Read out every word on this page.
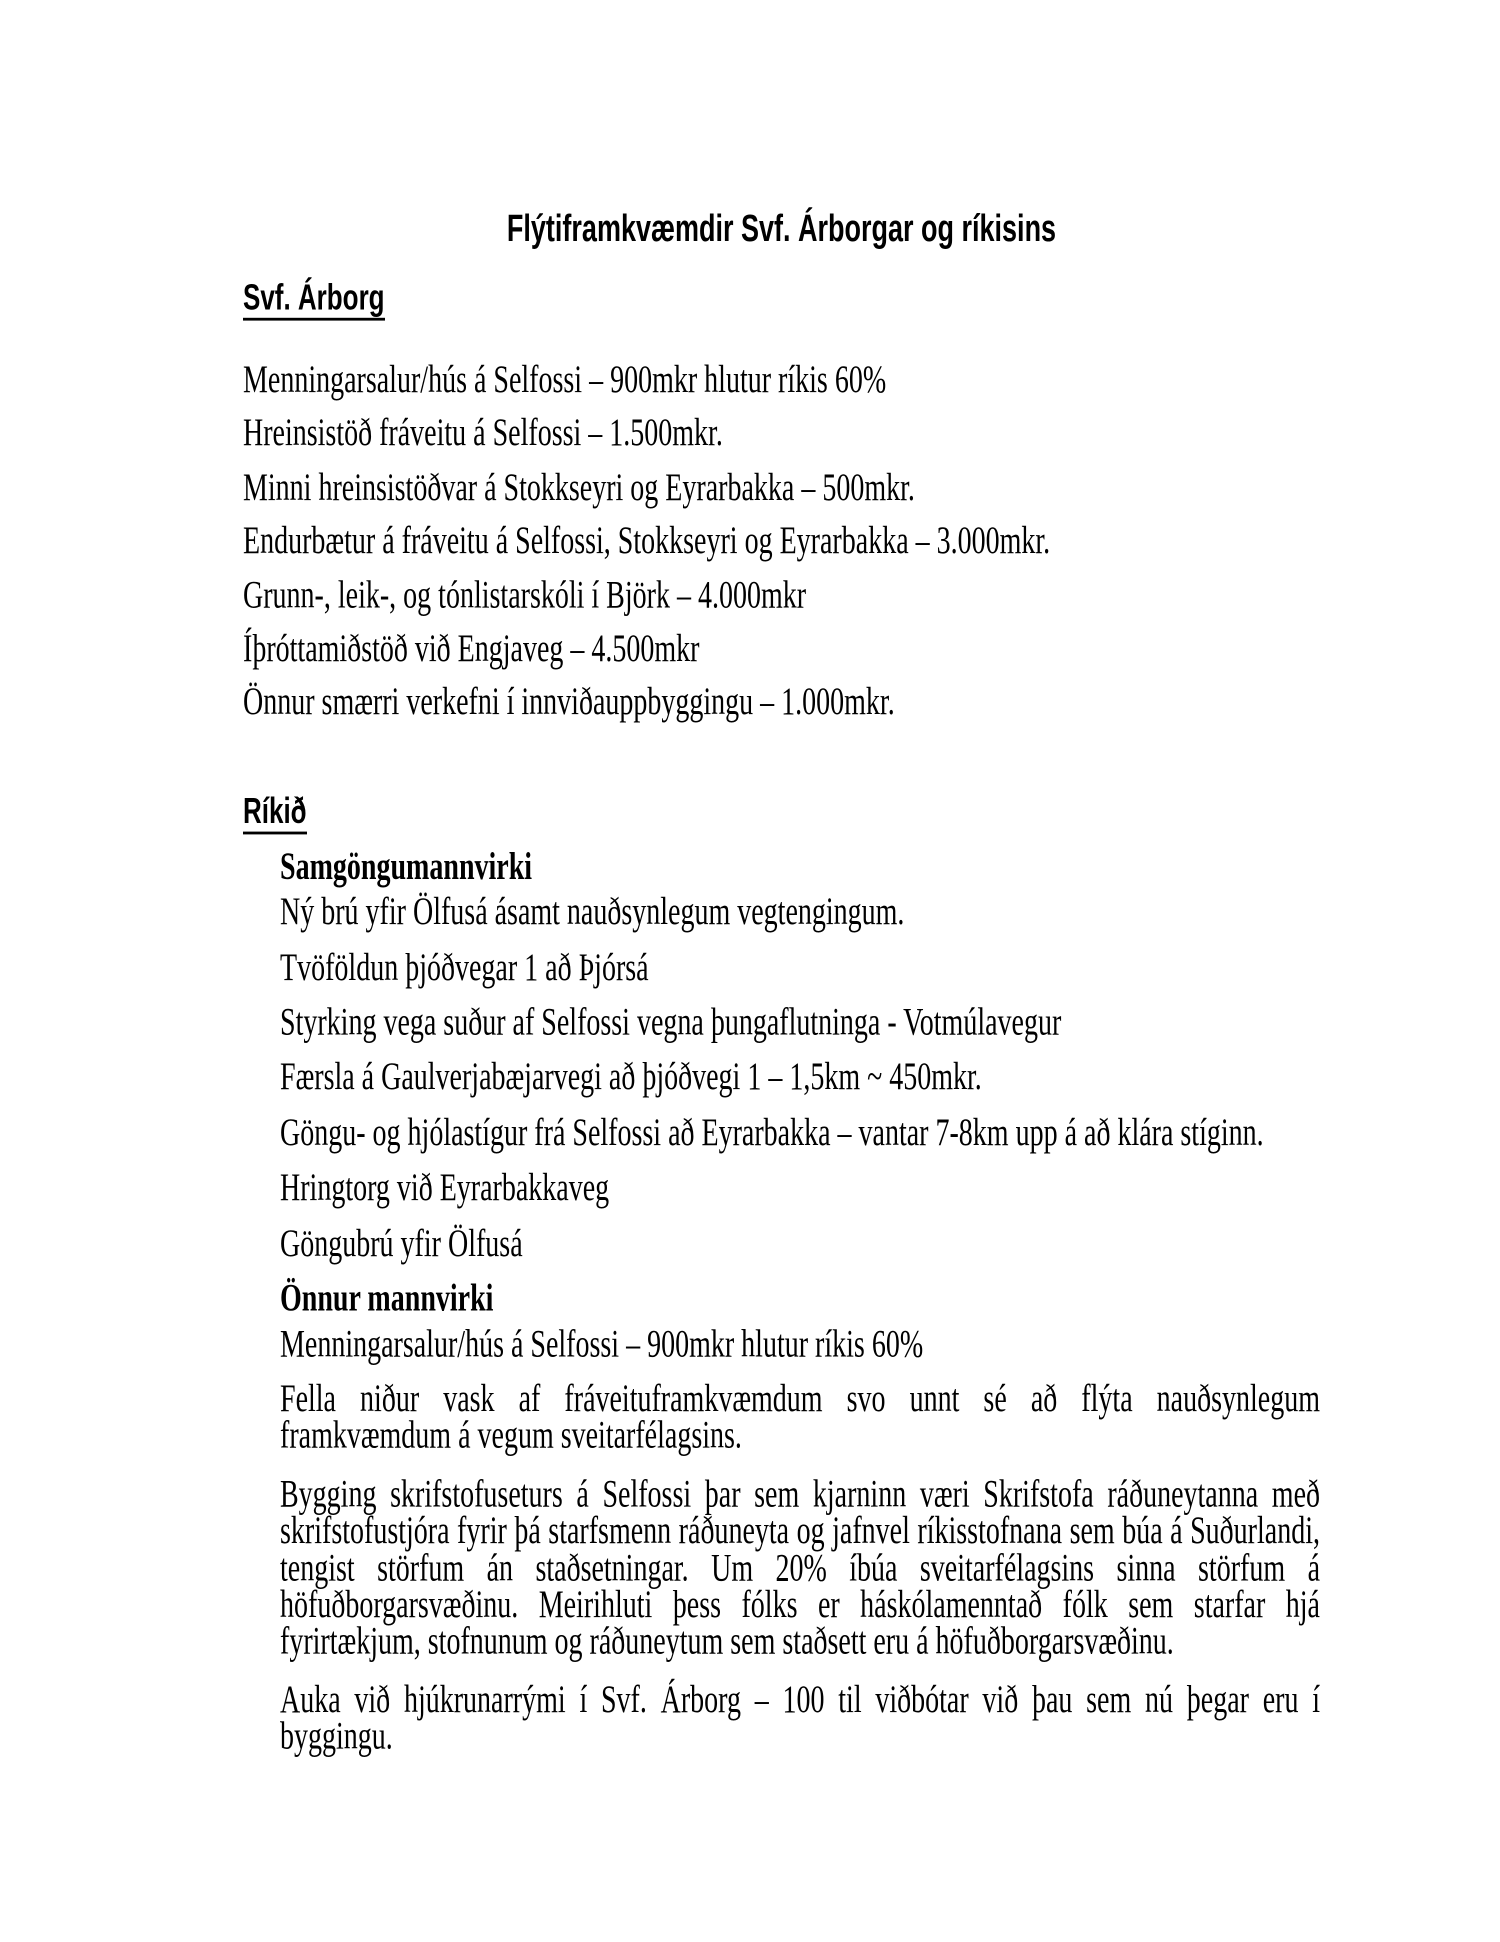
Flýtiframkvæmdir Svf. Árborgar og ríkisins

Svf. Árborg

Menningarsalur/hús á Selfossi – 900mkr hlutur ríkis 60%

Hreinsistöð fráveitu á Selfossi – 1.500mkr.

Minni hreinsistöðvar á Stokkseyri og Eyrarbakka – 500mkr.

Endurbætur á fráveitu á Selfossi, Stokkseyri og Eyrarbakka – 3.000mkr.

Grunn-, leik-, og tónlistarskóli í Björk – 4.000mkr

Íþróttamiðstöð við Engjaveg – 4.500mkr

Önnur smærri verkefni í innviðauppbyggingu – 1.000mkr.

Ríkið

Samgöngumannvirki

Ný brú yfir Ölfusá ásamt nauðsynlegum vegtengingum.

Tvöföldun þjóðvegar 1 að Þjórsá

Styrking vega suður af Selfossi vegna þungaflutninga - Votmúlavegur

Færsla á Gaulverjabæjarvegi að þjóðvegi 1 – 1,5km ~ 450mkr.

Göngu- og hjólastígur frá Selfossi að Eyrarbakka – vantar 7-8km upp á að klára stíginn.

Hringtorg við Eyrarbakkaveg

Göngubrú yfir Ölfusá

Önnur mannvirki

Menningarsalur/hús á Selfossi – 900mkr hlutur ríkis 60%

Fella niður vask af fráveituframkvæmdum svo unnt sé að flýta nauðsynlegum framkvæmdum á vegum sveitarfélagsins.

Bygging skrifstofuseturs á Selfossi þar sem kjarninn væri Skrifstofa ráðuneytanna með skrifstofustjóra fyrir þá starfsmenn ráðuneyta og jafnvel ríkisstofnana sem búa á Suðurlandi, tengist störfum án staðsetningar. Um 20% íbúa sveitarfélagsins sinna störfum á höfuðborgarsvæðinu. Meirihluti þess fólks er háskólamenntað fólk sem starfar hjá fyrirtækjum, stofnunum og ráðuneytum sem staðsett eru á höfuðborgarsvæðinu.

Auka við hjúkrunarrými í Svf. Árborg – 100 til viðbótar við þau sem nú þegar eru í byggingu.
